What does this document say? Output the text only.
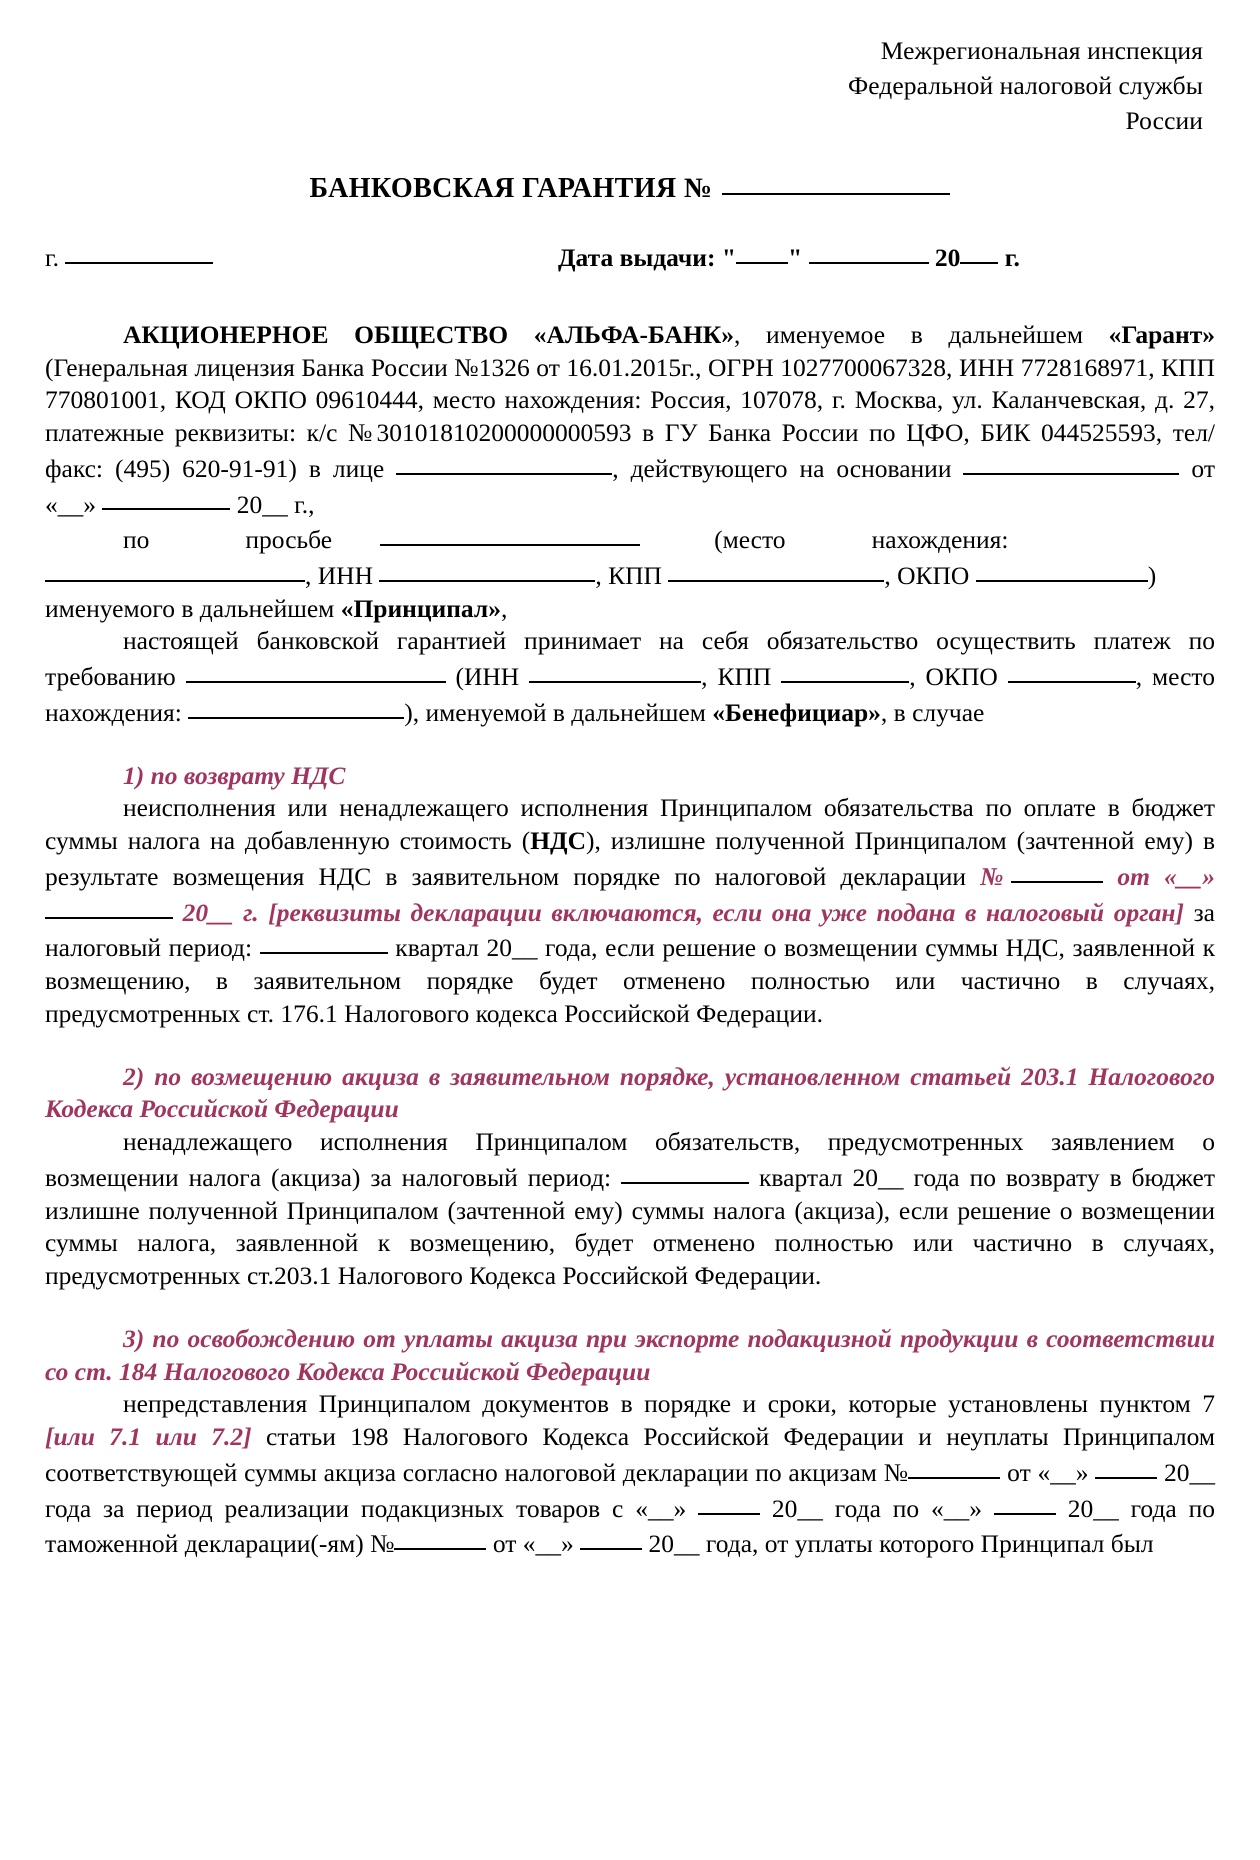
Межрегиональная инспекция
Федеральной налоговой службы
России
БАНКОВСКАЯ ГАРАНТИЯ №
г.	Дата выдачи: " "	20 г.

АКЦИОНЕРНОЕ ОБЩЕСТВО «АЛЬФА-БАНК», именуемое в дальнейшем «Гарант» (Генеральная лицензия Банка России №1326 от 16.01.2015г., ОГРН 1027700067328, ИНН 7728168971, КПП 770801001, КОД ОКПО 09610444, место нахождения: Россия, 107078, г. Москва, ул. Каланчевская, д. 27, платежные реквизиты: к/с №30101810200000000593 в ГУ Банка России по ЦФО, БИК 044525593, тел/факс: (495) 620-91-91) в лице	, действующего на основании	от «__»	20__ г.,

по	просьбе	(место	нахождения:

, ИНН	, КПП	, ОКПО	)

именуемого в дальнейшем «Принципал»,

настоящей банковской гарантией принимает на себя обязательство осуществить платеж по требованию	(ИНН	, КПП	, ОКПО	, место нахождения:	), именуемой в дальнейшем «Бенефициар», в случае

1) по возврату НДС

неисполнения или ненадлежащего исполнения Принципалом обязательства по оплате в бюджет суммы налога на добавленную стоимость (НДС), излишне полученной Принципалом (зачтенной ему) в результате возмещения НДС в заявительном порядке по налоговой декларации №	от «__»  20__ г. [реквизиты декларации включаются, если она уже подана в налоговый орган] за налоговый период:	квартал 20__ года, если решение о возмещении суммы НДС, заявленной к возмещению, в заявительном порядке будет отменено полностью или частично в случаях, предусмотренных ст. 176.1 Налогового кодекса Российской Федерации.

2) по возмещению акциза в заявительном порядке, установленном статьей 203.1 Налогового Кодекса Российской Федерации

ненадлежащего исполнения Принципалом обязательств, предусмотренных заявлением о возмещении налога (акциза) за налоговый период:	квартал 20__ года по возврату в бюджет излишне полученной Принципалом (зачтенной ему) суммы налога (акциза), если решение о возмещении суммы налога, заявленной к возмещению, будет отменено полностью или частично в случаях, предусмотренных ст.203.1 Налогового Кодекса Российской Федерации.

3) по освобождению от уплаты акциза при экспорте подакцизной продукции в соответствии со ст. 184 Налогового Кодекса Российской Федерации

непредставления Принципалом документов в порядке и сроки, которые установлены пунктом 7 [или 7.1 или 7.2] статьи 198 Налогового Кодекса Российской Федерации и неуплаты Принципалом соответствующей суммы акциза согласно налоговой декларации по акцизам №	от «__»  20__ года за период реализации подакцизных товаров с «__»  20__ года по «__»  20__ года по таможенной декларации(-ям) №	от «__»  20__ года, от уплаты которого Принципал был
